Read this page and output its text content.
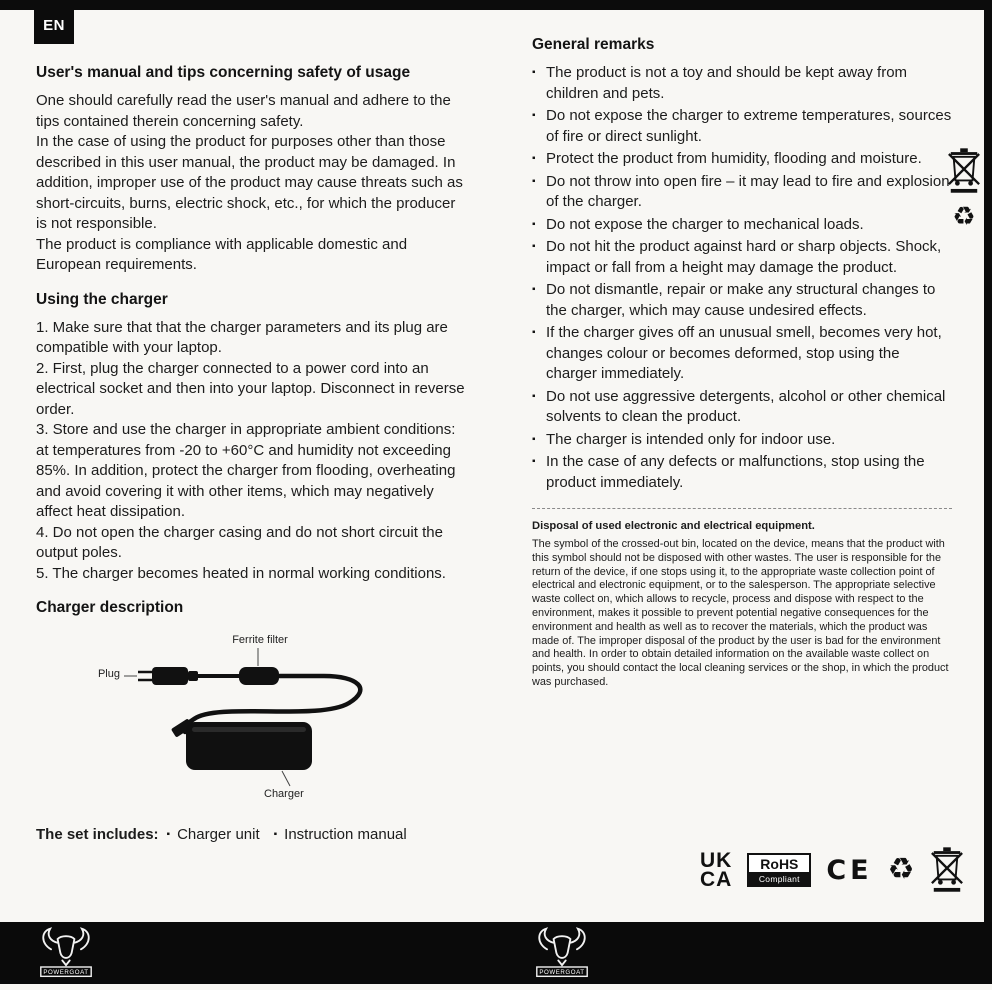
EN
User's manual and tips concerning safety of usage

One should carefully read the user's manual and adhere to the tips contained therein concerning safety.

In the case of using the product for purposes other than those described in this user manual, the product may be damaged. In addition, improper use of the product may cause threats such as short-circuits, burns, electric shock, etc., for which the producer is not responsible.

The product is compliance with applicable domestic and European requirements.

Using the charger

1. Make sure that that the charger parameters and its plug are compatible with your laptop.

2. First, plug the charger connected to a power cord into an electrical socket and then into your laptop. Disconnect in reverse order.

3. Store and use the charger in appropriate ambient conditions: at temperatures from -20 to +60°C and humidity not exceeding 85%. In addition, protect the charger from flooding, overheating and avoid covering it with other items, which may negatively affect heat dissipation.

4. Do not open the charger casing and do not short circuit the output poles.

5. The charger becomes heated in normal working conditions.

Charger description
Ferrite filter
Plug
Charger
The set includes: ▪ Charger unit ▪ Instruction manual
General remarks
▪ The product is not a toy and should be kept away from children and pets.
▪ Do not expose the charger to extreme temperatures, sources of fire or direct sunlight.
▪ Protect the product from humidity, flooding and moisture.
▪ Do not throw into open fire – it may lead to fire and explosion of the charger.
▪ Do not expose the charger to mechanical loads.
▪ Do not hit the product against hard or sharp objects. Shock, impact or fall from a height may damage the product.
▪ Do not dismantle, repair or make any structural changes to the charger, which may cause undesired effects.
▪ If the charger gives off an unusual smell, becomes very hot, changes colour or becomes deformed, stop using the charger immediately.
▪ Do not use aggressive detergents, alcohol or other chemical solvents to clean the product.
▪ The charger is intended only for indoor use.
▪ In the case of any defects or malfunctions, stop using the product immediately.

Disposal of used electronic and electrical equipment.

The symbol of the crossed-out bin, located on the device, means that the product with this symbol should not be disposed with other wastes. The user is responsible for the return of the device, if one stops using it, to the appropriate waste collection point of electrical and electronic equipment, or to the salesperson. The appropriate selective waste collect on, which allows to recycle, process and dispose with respect to the environment, makes it possible to prevent potential negative consequences for the environment and health as well as to recover the materials, which the product was made of. The improper disposal of the product by the user is bad for the environment and health. In order to obtain detailed information on the available waste collect on points, you should contact the local cleaning services or the shop, in which the product was purchased.

♻
UK
CA
RoHS
Compliant CE ♻
POWERGOAT	POWERGOAT
